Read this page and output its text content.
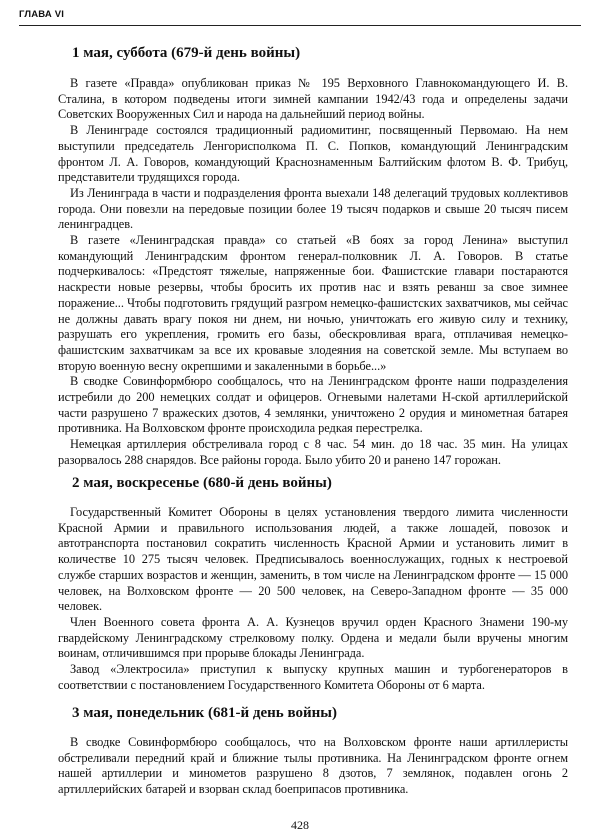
ГЛАВА VI
1 мая, суббота (679-й день войны)

В газете «Правда» опубликован приказ № 195 Верховного Главнокомандующего И. В. Сталина, в котором подведены итоги зимней кампании 1942/43 года и определены задачи Советских Вооруженных Сил и народа на дальнейший период войны.

В Ленинграде состоялся традиционный радиомитинг, посвященный Первомаю. На нем выступили председатель Ленгорисполкома П. С. Попков, командующий Ленинградским фронтом Л. А. Говоров, командующий Краснознаменным Балтийским флотом В. Ф. Трибуц, представители трудящихся города.

Из Ленинграда в части и подразделения фронта выехали 148 делегаций трудовых коллективов города. Они повезли на передовые позиции более 19 тысяч подарков и свыше 20 тысяч писем ленинградцев.

В газете «Ленинградская правда» со статьей «В боях за город Ленина» выступил командующий Ленинградским фронтом генерал-полковник Л. А. Говоров. В статье подчеркивалось: «Предстоят тяжелые, напряженные бои. Фашистские главари постараются наскрести новые резервы, чтобы бросить их против нас и взять реванш за свое зимнее поражение... Чтобы подготовить грядущий разгром немецко-фашистских захватчиков, мы сейчас не должны давать врагу покоя ни днем, ни ночью, уничтожать его живую силу и технику, разрушать его укрепления, громить его базы, обескровливая врага, отплачивая немецко-фашистским захватчикам за все их кровавые злодеяния на советской земле. Мы вступаем во вторую военную весну окрепшими и закаленными в борьбе...»

В сводке Совинформбюро сообщалось, что на Ленинградском фронте наши подразделения истребили до 200 немецких солдат и офицеров. Огневыми налетами Н-ской артиллерийской части разрушено 7 вражеских дзотов, 4 землянки, уничтожено 2 орудия и минометная батарея противника. На Волховском фронте происходила редкая перестрелка.

Немецкая артиллерия обстреливала город с 8 час. 54 мин. до 18 час. 35 мин. На улицах разорвалось 288 снарядов. Все районы города. Было убито 20 и ранено 147 горожан.

2 мая, воскресенье (680-й день войны)

Государственный Комитет Обороны в целях установления твердого лимита численности Красной Армии и правильного использования людей, а также лошадей, повозок и автотранспорта постановил сократить численность Красной Армии и установить лимит в количестве 10 275 тысяч человек. Предписывалось военнослужащих, годных к нестроевой службе старших возрастов и женщин, заменить, в том числе на Ленинградском фронте — 15 000 человек, на Волховском фронте — 20 500 человек, на Северо-Западном фронте — 35 000 человек.

Член Военного совета фронта А. А. Кузнецов вручил орден Красного Знамени 190-му гвардейскому Ленинградскому стрелковому полку. Ордена и медали были вручены многим воинам, отличившимся при прорыве блокады Ленинграда.

Завод «Электросила» приступил к выпуску крупных машин и турбогенераторов в соответствии с постановлением Государственного Комитета Обороны от 6 марта.

3 мая, понедельник (681-й день войны)

В сводке Совинформбюро сообщалось, что на Волховском фронте наши артиллеристы обстреливали передний край и ближние тылы противника. На Ленинградском фронте огнем нашей артиллерии и минометов разрушено 8 дзотов, 7 землянок, подавлен огонь 2 артиллерийских батарей и взорван склад боеприпасов противника.

428
